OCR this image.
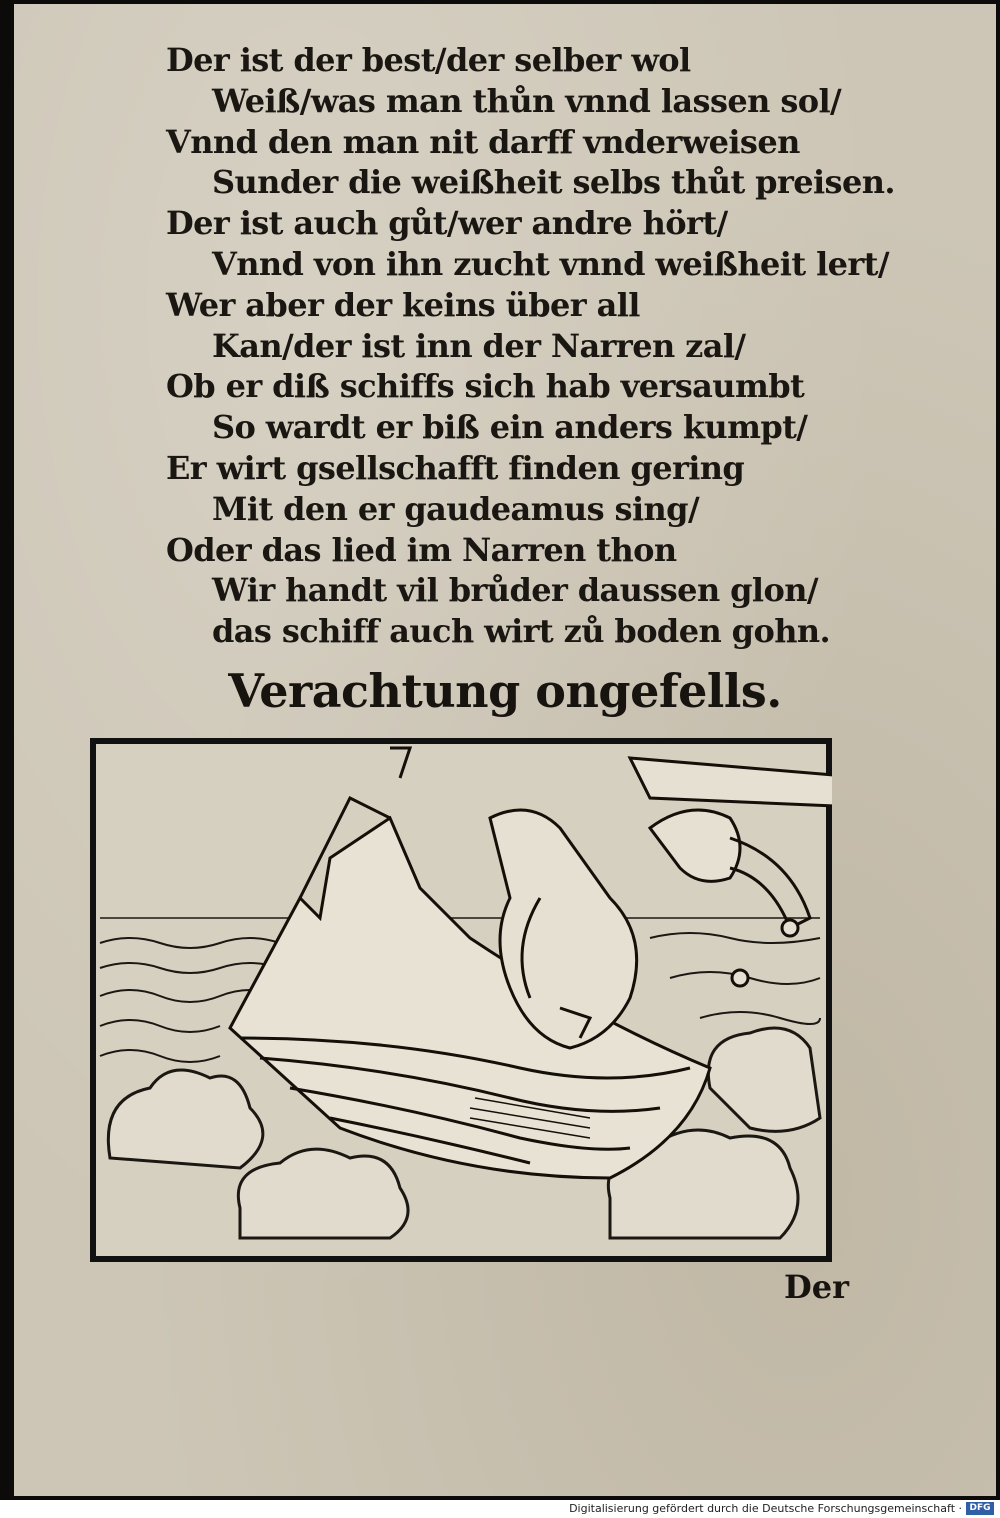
Der ist der best/der selber wol
Weiß/was man thůn vnnd lassen sol/
Vnnd den man nit darff vnderweisen
Sunder die weißheit selbs thůt preisen.
Der ist auch gůt/wer andre hört/
Vnnd von ihn zucht vnnd weißheit lert/
Wer aber der keins über all
Kan/der ist inn der Narren zal/
Ob er diß schiffs sich hab versaumbt
So wardt er biß ein anders kumpt/
Er wirt gsellschafft finden gering
Mit den er gaudeamus sing/
Oder das lied im Narren thon
Wir handt vil brůder daussen glon/
das schiff auch wirt zů boden gohn.
Verachtung ongefells.
Der
Digitalisierung gefördert durch die Deutsche Forschungsgemeinschaft · DFG
